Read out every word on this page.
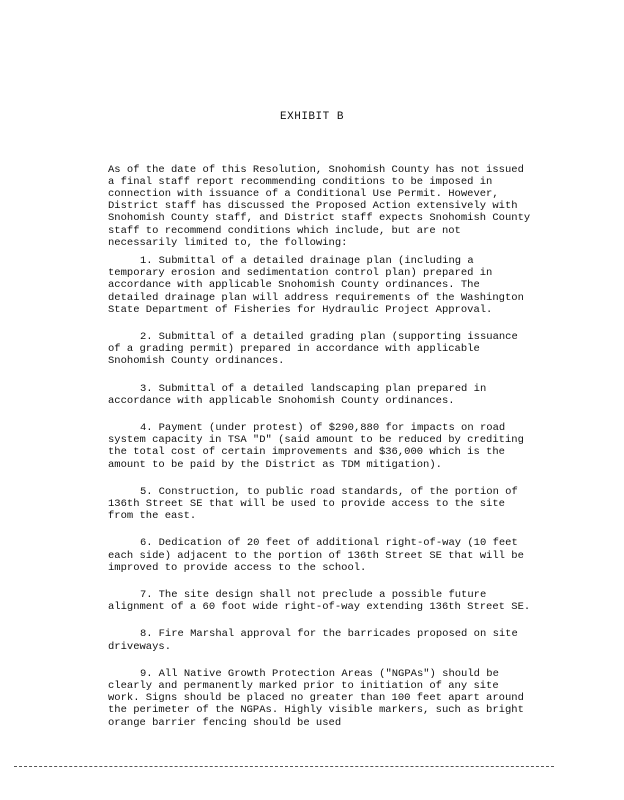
EXHIBIT B

As of the date of this Resolution, Snohomish County has not issued a final staff report recommending conditions to be imposed in connection with issuance of a Conditional Use Permit. However, District staff has discussed the Proposed Action extensively with Snohomish County staff, and District staff expects Snohomish County staff to recommend conditions which include, but are not necessarily limited to, the following:

1. Submittal of a detailed drainage plan (including a temporary erosion and sedimentation control plan) prepared in accordance with applicable Snohomish County ordinances. The detailed drainage plan will address requirements of the Washington State Department of Fisheries for Hydraulic Project Approval.

2. Submittal of a detailed grading plan (supporting issuance of a grading permit) prepared in accordance with applicable Snohomish County ordinances.

3. Submittal of a detailed landscaping plan prepared in accordance with applicable Snohomish County ordinances.

4. Payment (under protest) of $290,880 for impacts on road system capacity in TSA "D" (said amount to be reduced by crediting the total cost of certain improvements and $36,000 which is the amount to be paid by the District as TDM mitigation).

5. Construction, to public road standards, of the portion of 136th Street SE that will be used to provide access to the site from the east.

6. Dedication of 20 feet of additional right-of-way (10 feet each side) adjacent to the portion of 136th Street SE that will be improved to provide access to the school.

7. The site design shall not preclude a possible future alignment of a 60 foot wide right-of-way extending 136th Street SE.

8. Fire Marshal approval for the barricades proposed on site driveways.

9. All Native Growth Protection Areas ("NGPAs") should be clearly and permanently marked prior to initiation of any site work. Signs should be placed no greater than 100 feet apart around the perimeter of the NGPAs. Highly visible markers, such as bright orange barrier fencing should be used
